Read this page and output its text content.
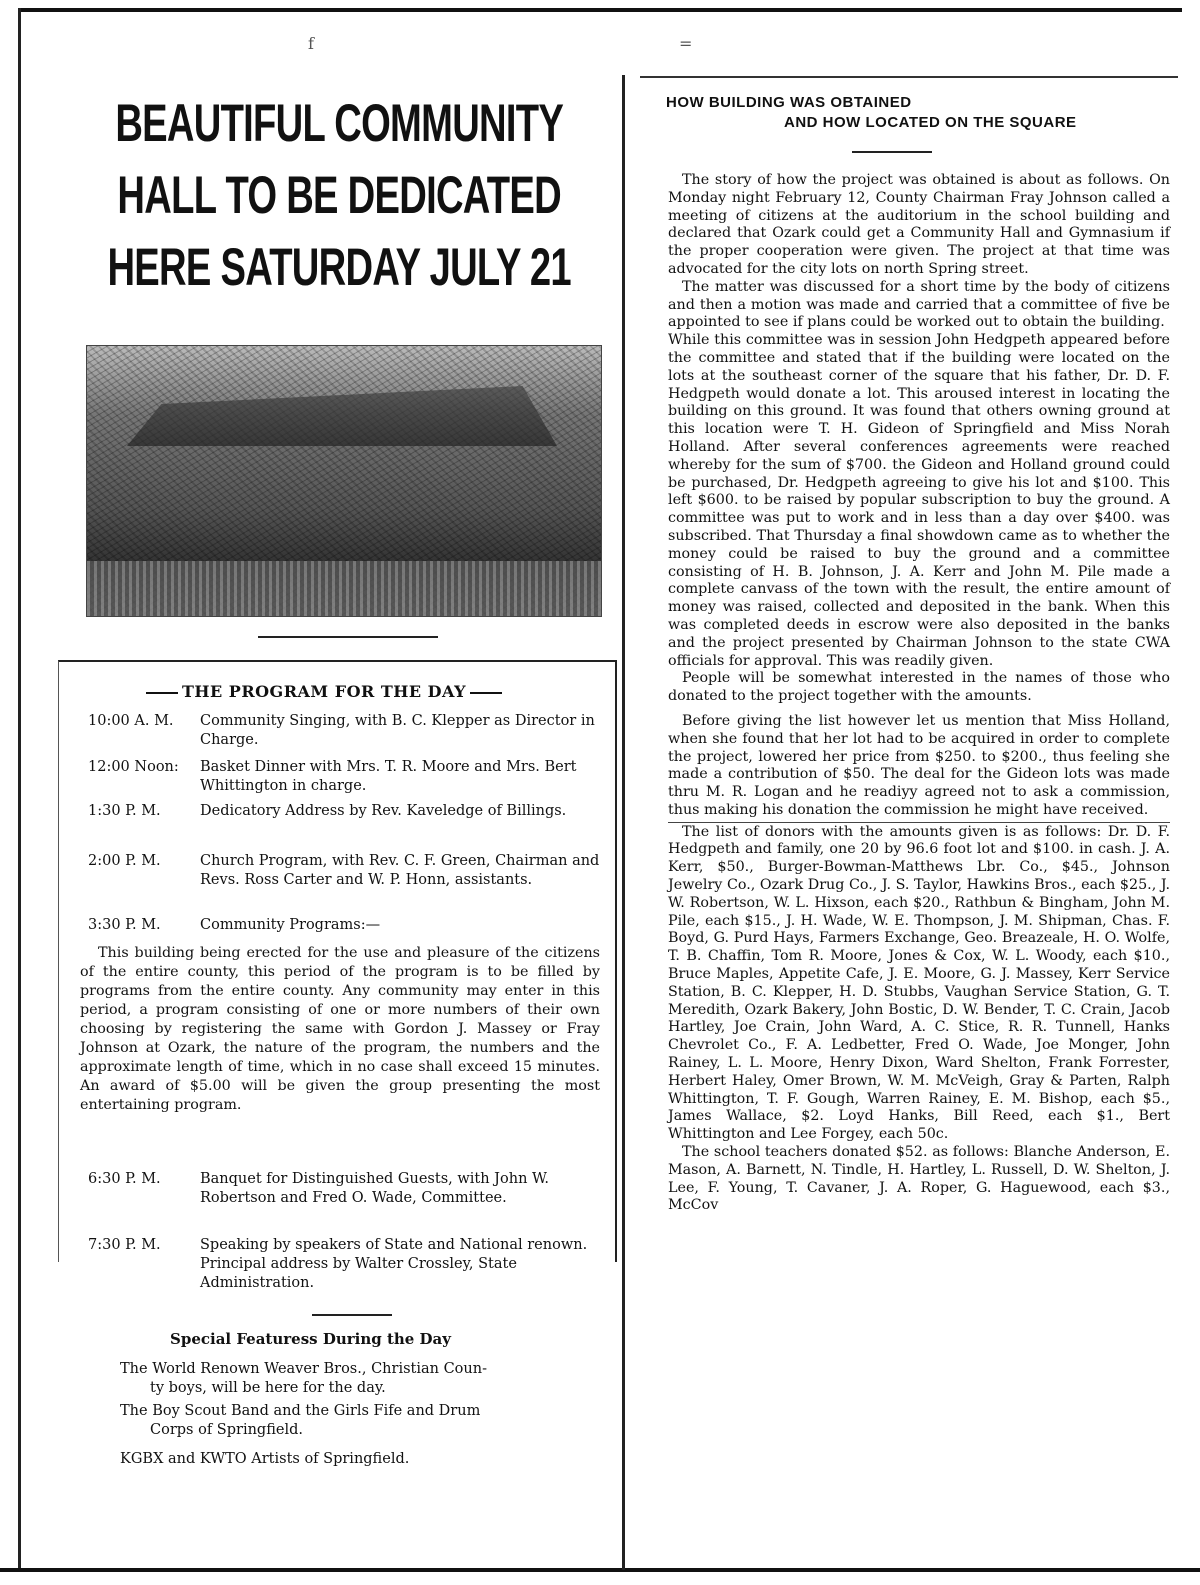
f =
BEAUTIFUL COMMUNITY
HALL TO BE DEDICATED
HERE SATURDAY JULY 21
THE PROGRAM FOR THE DAY
10:00 A. M. Community Singing, with B. C. Klepper as Director in Charge.
12:00 Noon: Basket Dinner with Mrs. T. R. Moore and Mrs. Bert Whittington in charge.
1:30 P. M.	Dedicatory Address by Rev. Kaveledge of Billings.
2:00 P. M.	Church Program, with Rev. C. F. Green, Chairman and Revs. Ross Carter and W. P. Honn, assistants.
3:30 P. M.	Community Programs:—

This building being erected for the use and pleasure of the citizens of the entire county, this period of the program is to be filled by programs from the entire county. Any community may enter in this period, a program consisting of one or more numbers of their own choosing by registering the same with Gordon J. Massey or Fray Johnson at Ozark, the nature of the program, the numbers and the approximate length of time, which in no case shall exceed 15 minutes. An award of $5.00 will be given the group presenting the most entertaining program.

6:30 P. M.	Banquet for Distinguished Guests, with John W. Robertson and Fred O. Wade, Committee.
7:30 P. M.	Speaking by speakers of State and National renown. Principal address by Walter Crossley, State Administration.
Special Featuress During the Day

The World Renown Weaver Bros., Christian Coun-
ty boys, will be here for the day.

The Boy Scout Band and the Girls Fife and Drum
Corps of Springfield.

KGBX and KWTO Artists of Springfield.

HOW BUILDING WAS OBTAINED
AND HOW LOCATED ON THE SQUARE

The story of how the project was obtained is about as follows. On Monday night February 12, County Chairman Fray Johnson called a meeting of citizens at the auditorium in the school building and declared that Ozark could get a Community Hall and Gymnasium if the proper cooperation were given. The project at that time was advocated for the city lots on north Spring street.

The matter was discussed for a short time by the body of citizens and then a motion was made and carried that a committee of five be appointed to see if plans could be worked out to obtain the building.

While this committee was in session John Hedgpeth appeared before the committee and stated that if the building were located on the lots at the southeast corner of the square that his father, Dr. D. F. Hedgpeth would donate a lot. This aroused interest in locating the building on this ground. It was found that others owning ground at this location were T. H. Gideon of Springfield and Miss Norah Holland. After several conferences agreements were reached whereby for the sum of $700. the Gideon and Holland ground could be purchased, Dr. Hedgpeth agreeing to give his lot and $100. This left $600. to be raised by popular subscription to buy the ground. A committee was put to work and in less than a day over $400. was subscribed. That Thursday a final showdown came as to whether the money could be raised to buy the ground and a committee consisting of H. B. Johnson, J. A. Kerr and John M. Pile made a complete canvass of the town with the result, the entire amount of money was raised, collected and deposited in the bank. When this was completed deeds in escrow were also deposited in the banks and the project presented by Chairman Johnson to the state CWA officials for approval. This was readily given.

People will be somewhat interested in the names of those who donated to the project together with the amounts.

Before giving the list however let us mention that Miss Holland, when she found that her lot had to be acquired in order to complete the project, lowered her price from $250. to $200., thus feeling she made a contribution of $50. The deal for the Gideon lots was made thru M. R. Logan and he readiyy agreed not to ask a commission, thus making his donation the commission he might have received.

The list of donors with the amounts given is as follows: Dr. D. F. Hedgpeth and family, one 20 by 96.6 foot lot and $100. in cash. J. A. Kerr, $50., Burger-Bowman-Matthews Lbr. Co., $45., Johnson Jewelry Co., Ozark Drug Co., J. S. Taylor, Hawkins Bros., each $25., J. W. Robertson, W. L. Hixson, each $20., Rathbun & Bingham, John M. Pile, each $15., J. H. Wade, W. E. Thompson, J. M. Shipman, Chas. F. Boyd, G. Purd Hays, Farmers Exchange, Geo. Breazeale, H. O. Wolfe, T. B. Chaffin, Tom R. Moore, Jones & Cox, W. L. Woody, each $10., Bruce Maples, Appetite Cafe, J. E. Moore, G. J. Massey, Kerr Service Station, B. C. Klepper, H. D. Stubbs, Vaughan Service Station, G. T. Meredith, Ozark Bakery, John Bostic, D. W. Bender, T. C. Crain, Jacob Hartley, Joe Crain, John Ward, A. C. Stice, R. R. Tunnell, Hanks Chevrolet Co., F. A. Ledbetter, Fred O. Wade, Joe Monger, John Rainey, L. L. Moore, Henry Dixon, Ward Shelton, Frank Forrester, Herbert Haley, Omer Brown, W. M. McVeigh, Gray & Parten, Ralph Whittington, T. F. Gough, Warren Rainey, E. M. Bishop, each $5., James Wallace, $2. Loyd Hanks, Bill Reed, each $1., Bert Whittington and Lee Forgey, each 50c.

The school teachers donated $52. as follows: Blanche Anderson, E. Mason, A. Barnett, N. Tindle, H. Hartley, L. Russell, D. W. Shelton, J. Lee, F. Young, T. Cavaner, J. A. Roper, G. Haguewood, each $3., McCov
